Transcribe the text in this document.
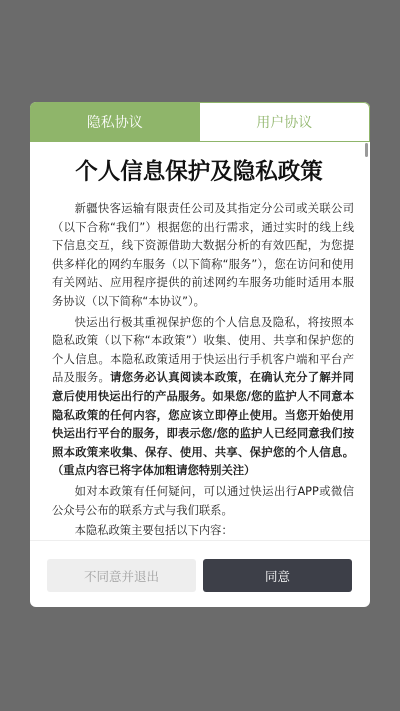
隐私协议	用户协议
个人信息保护及隐私政策

新疆快客运输有限责任公司及其指定分公司或关联公司（以下合称“我们”）根据您的出行需求，通过实时的线上线下信息交互，线下资源借助大数据分析的有效匹配，为您提供多样化的网约车服务（以下简称“服务”），您在访问和使用有关网站、应用程序提供的前述网约车服务功能时适用本服务协议（以下简称“本协议”）。

快运出行极其重视保护您的个人信息及隐私，将按照本隐私政策（以下称“本政策”）收集、使用、共享和保护您的个人信息。本隐私政策适用于快运出行手机客户端和平台产品及服务。请您务必认真阅读本政策，在确认充分了解并同意后使用快运出行的产品服务。如果您/您的监护人不同意本隐私政策的任何内容，您应该立即停止使用。当您开始使用快运出行平台的服务，即表示您/您的监护人已经同意我们按照本政策来收集、保存、使用、共享、保护您的个人信息。（重点内容已将字体加粗请您特别关注）

如对本政策有任何疑问，可以通过快运出行APP或微信公众号公布的联系方式与我们联系。

本隐私政策主要包括以下内容：

不同意并退出	同意
